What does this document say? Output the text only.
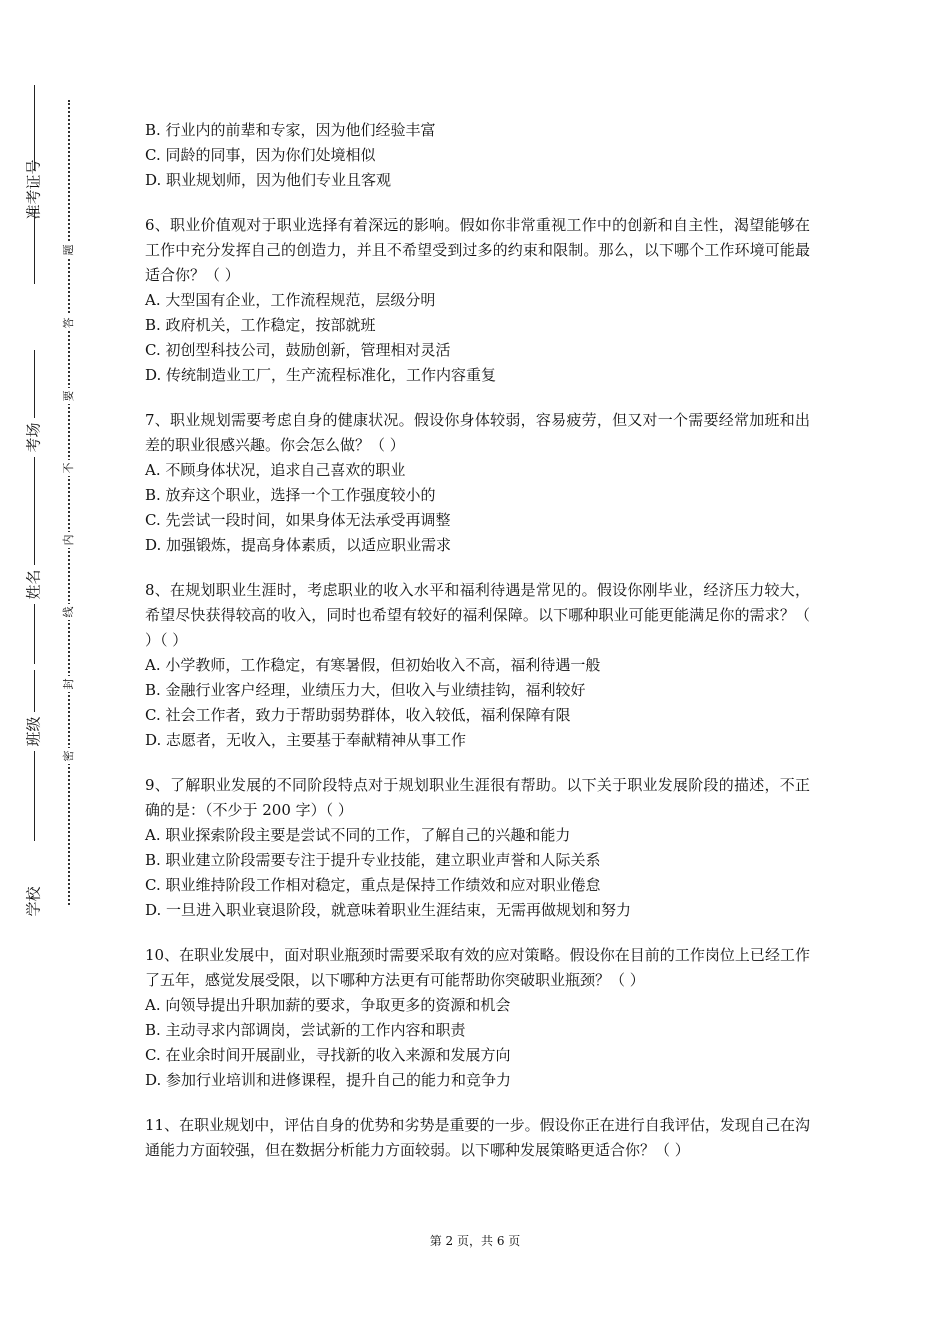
准考证号
考场
姓名
班级
学校
题
答
要
不
内
线
封
密
B. 行业内的前辈和专家，因为他们经验丰富
C. 同龄的同事，因为你们处境相似
D. 职业规划师，因为他们专业且客观
6、职业价值观对于职业选择有着深远的影响。假如你非常重视工作中的创新和自主性，渴望能够在工作中充分发挥自己的创造力，并且不希望受到过多的约束和限制。那么，以下哪个工作环境可能最适合你？（ ）
A. 大型国有企业，工作流程规范，层级分明
B. 政府机关，工作稳定，按部就班
C. 初创型科技公司，鼓励创新，管理相对灵活
D. 传统制造业工厂，生产流程标准化，工作内容重复
7、职业规划需要考虑自身的健康状况。假设你身体较弱，容易疲劳，但又对一个需要经常加班和出差的职业很感兴趣。你会怎么做？（ ）
A. 不顾身体状况，追求自己喜欢的职业
B. 放弃这个职业，选择一个工作强度较小的
C. 先尝试一段时间，如果身体无法承受再调整
D. 加强锻炼，提高身体素质，以适应职业需求
8、在规划职业生涯时，考虑职业的收入水平和福利待遇是常见的。假设你刚毕业，经济压力较大，希望尽快获得较高的收入，同时也希望有较好的福利保障。以下哪种职业可能更能满足你的需求？（ ）（ ）
A. 小学教师，工作稳定，有寒暑假，但初始收入不高，福利待遇一般
B. 金融行业客户经理，业绩压力大，但收入与业绩挂钩，福利较好
C. 社会工作者，致力于帮助弱势群体，收入较低，福利保障有限
D. 志愿者，无收入，主要基于奉献精神从事工作
9、了解职业发展的不同阶段特点对于规划职业生涯很有帮助。以下关于职业发展阶段的描述，不正确的是：（不少于 200 字）（ ）
A. 职业探索阶段主要是尝试不同的工作，了解自己的兴趣和能力
B. 职业建立阶段需要专注于提升专业技能，建立职业声誉和人际关系
C. 职业维持阶段工作相对稳定，重点是保持工作绩效和应对职业倦怠
D. 一旦进入职业衰退阶段，就意味着职业生涯结束，无需再做规划和努力
10、在职业发展中，面对职业瓶颈时需要采取有效的应对策略。假设你在目前的工作岗位上已经工作了五年，感觉发展受限，以下哪种方法更有可能帮助你突破职业瓶颈？（ ）
A. 向领导提出升职加薪的要求，争取更多的资源和机会
B. 主动寻求内部调岗，尝试新的工作内容和职责
C. 在业余时间开展副业，寻找新的收入来源和发展方向
D. 参加行业培训和进修课程，提升自己的能力和竞争力
11、在职业规划中，评估自身的优势和劣势是重要的一步。假设你正在进行自我评估，发现自己在沟通能力方面较强，但在数据分析能力方面较弱。以下哪种发展策略更适合你？（ ）
第 2 页，共 6 页
